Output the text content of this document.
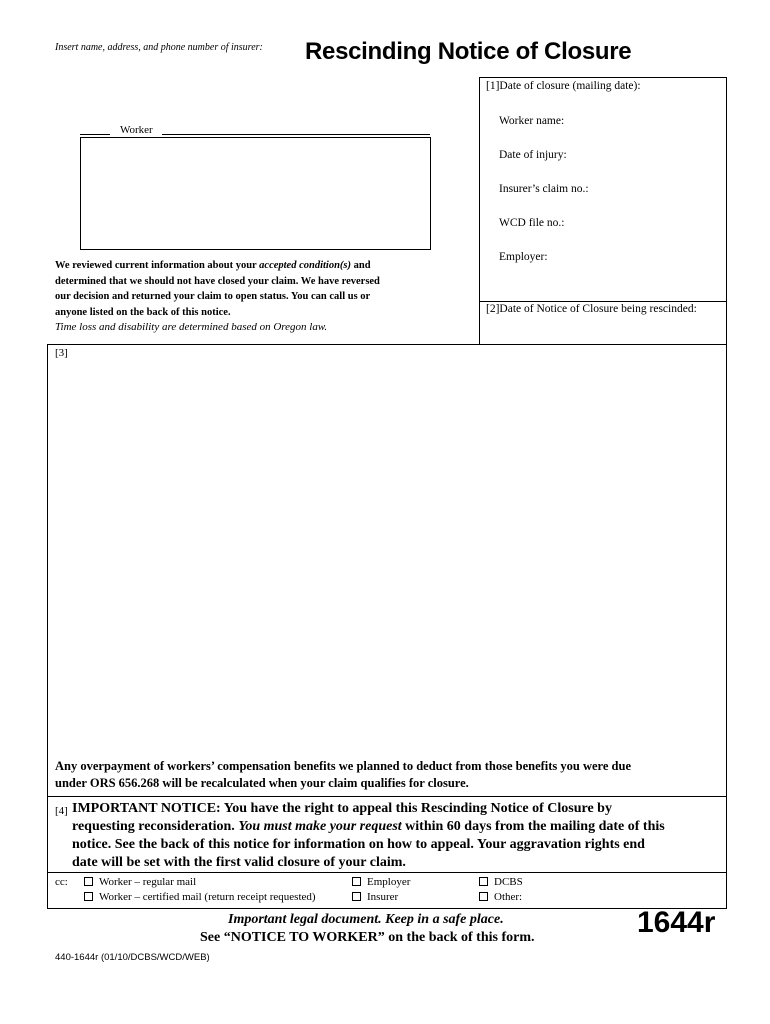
Insert name, address, and phone number of insurer: Rescinding Notice of Closure
Worker
[1]Date of closure (mailing date):
Worker name:
Date of injury:
Insurer’s claim no.:
WCD file no.:
Employer:
[2]Date of Notice of Closure being rescinded:
We reviewed current information about your accepted condition(s) and
determined that we should not have closed your claim. We have reversed
our decision and returned your claim to open status. You can call us or
anyone listed on the back of this notice.
Time loss and disability are determined based on Oregon law.
[3]
Any overpayment of workers’ compensation benefits we planned to deduct from those benefits you were due
under ORS 656.268 will be recalculated when your claim qualifies for closure.
[4] IMPORTANT NOTICE: You have the right to appeal this Rescinding Notice of Closure by
requesting reconsideration. You must make your request within 60 days from the mailing date of this
notice. See the back of this notice for information on how to appeal. Your aggravation rights end
date will be set with the first valid closure of your claim.
cc:	Worker – regular mail
Worker – certified mail (return receipt requested)
Employer
Insurer
DCBS
Other:
Important legal document. Keep in a safe place.
See “NOTICE TO WORKER” on the back of this form.	1644r
440-1644r (01/10/DCBS/WCD/WEB)
